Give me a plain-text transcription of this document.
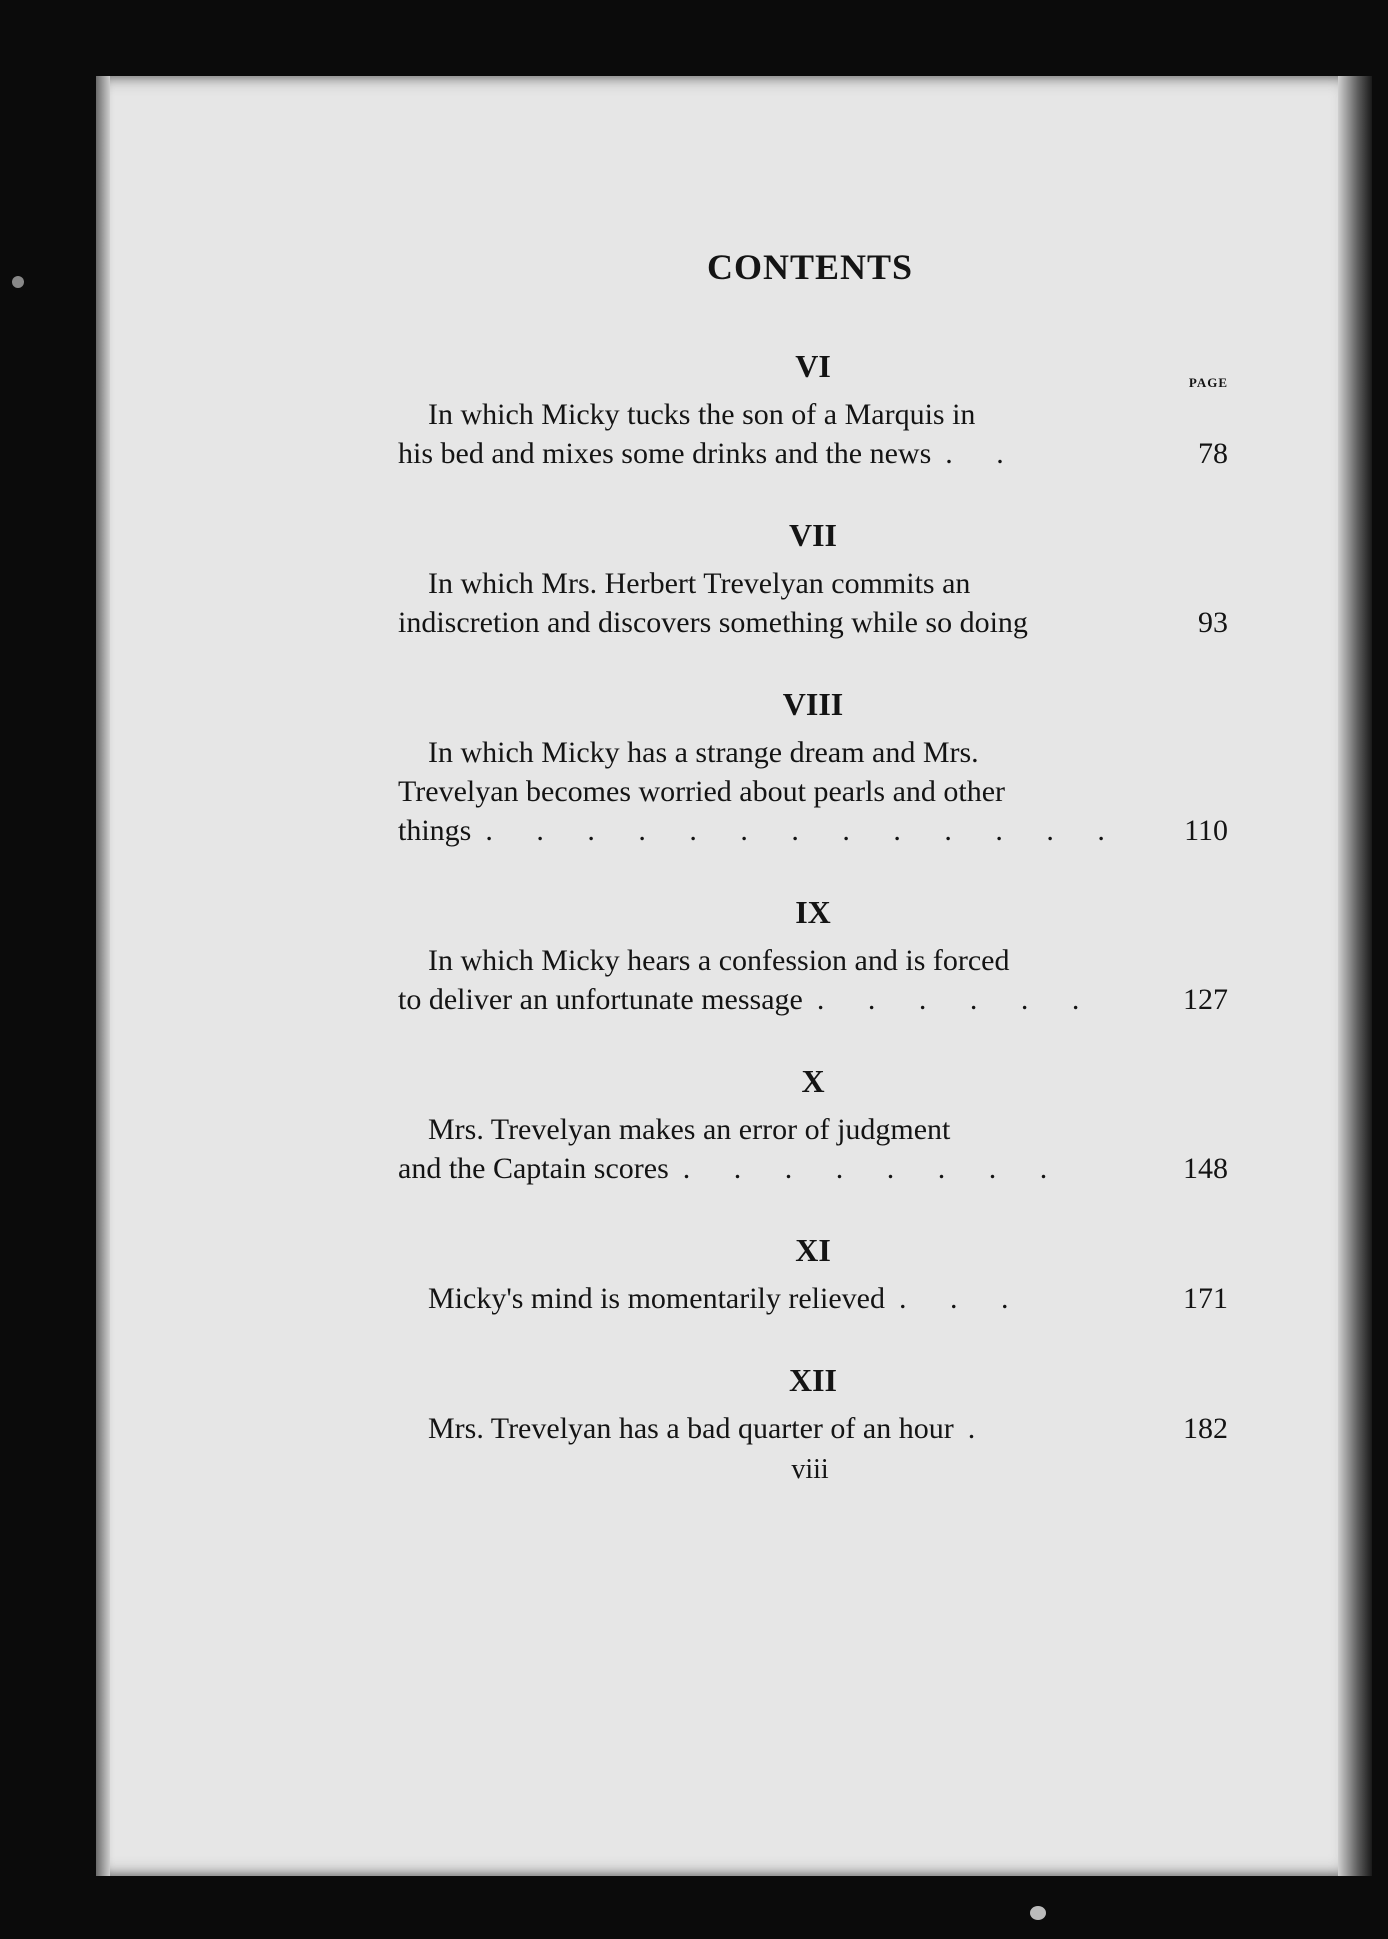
CONTENTS
VI	PAGE
In which Micky tucks the son of a Marquis in
his bed and mixes some drinks and the news . .	78
VII
In which Mrs. Herbert Trevelyan commits an
indiscretion and discovers something while so doing	93
VIII
In which Micky has a strange dream and Mrs.
Trevelyan becomes worried about pearls and other
things . . . . . . . . . . . . .	110
IX
In which Micky hears a confession and is forced
to deliver an unfortunate message . . . . . .	127
X
Mrs. Trevelyan makes an error of judgment
and the Captain scores . . . . . . . .	148
XI
Micky's mind is momentarily relieved . . .	171
XII
Mrs. Trevelyan has a bad quarter of an hour .	182
viii
